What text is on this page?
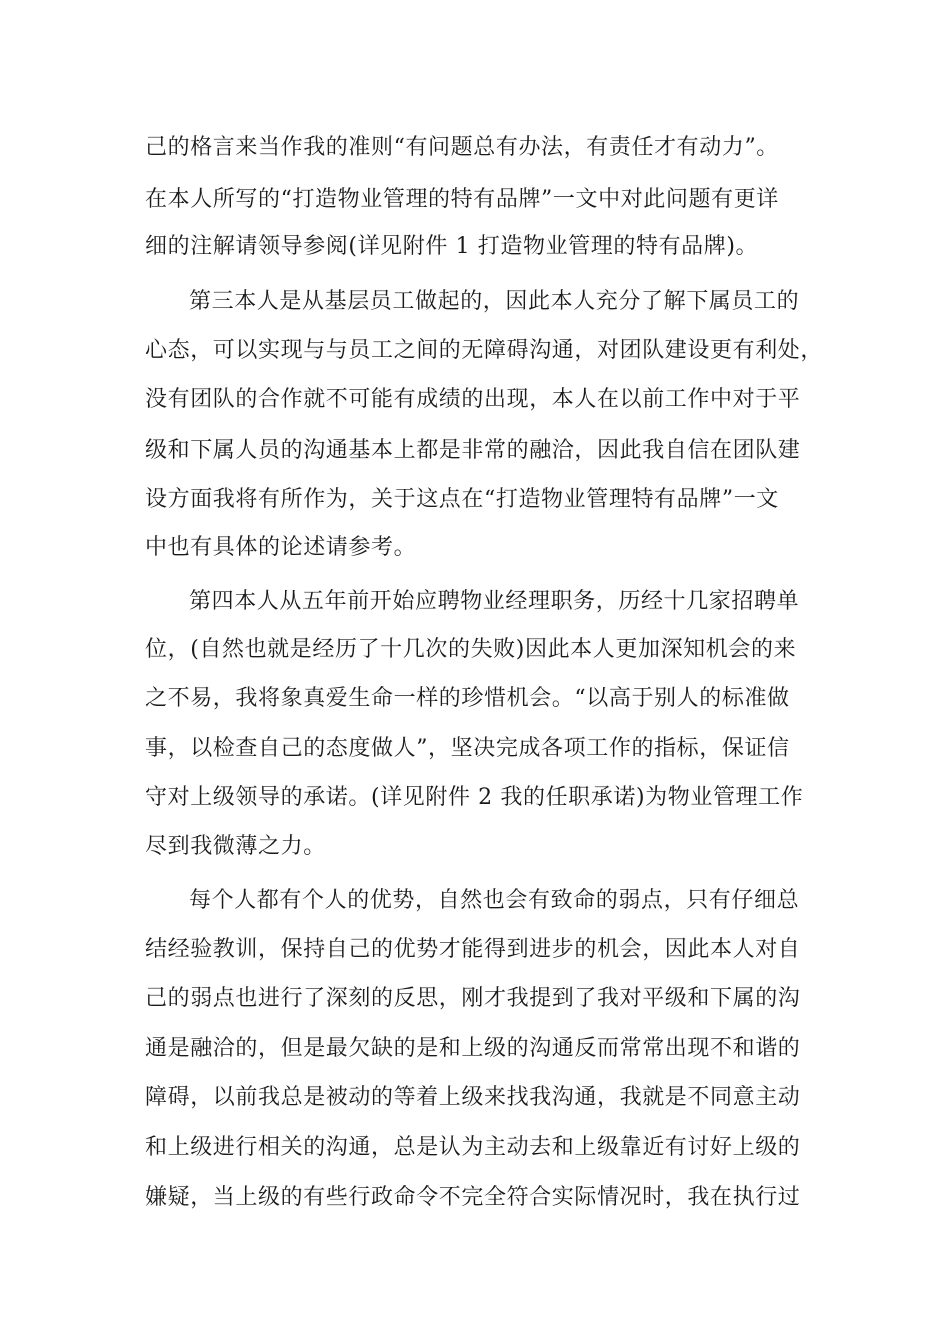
己的格言来当作我的准则“有问题总有办法，有责任才有动力”。
在本人所写的“打造物业管理的特有品牌”一文中对此问题有更详
细的注解请领导参阅(详见附件 1 打造物业管理的特有品牌)。
第三本人是从基层员工做起的，因此本人充分了解下属员工的
心态，可以实现与与员工之间的无障碍沟通，对团队建设更有利处，
没有团队的合作就不可能有成绩的出现，本人在以前工作中对于平
级和下属人员的沟通基本上都是非常的融洽，因此我自信在团队建
设方面我将有所作为，关于这点在“打造物业管理特有品牌”一文
中也有具体的论述请参考。
第四本人从五年前开始应聘物业经理职务，历经十几家招聘单
位，(自然也就是经历了十几次的失败)因此本人更加深知机会的来
之不易，我将象真爱生命一样的珍惜机会。“以高于别人的标准做
事，以检查自己的态度做人”，坚决完成各项工作的指标，保证信
守对上级领导的承诺。(详见附件 2 我的任职承诺)为物业管理工作
尽到我微薄之力。
每个人都有个人的优势，自然也会有致命的弱点，只有仔细总
结经验教训，保持自己的优势才能得到进步的机会，因此本人对自
己的弱点也进行了深刻的反思，刚才我提到了我对平级和下属的沟
通是融洽的，但是最欠缺的是和上级的沟通反而常常出现不和谐的
障碍，以前我总是被动的等着上级来找我沟通，我就是不同意主动
和上级进行相关的沟通，总是认为主动去和上级靠近有讨好上级的
嫌疑，当上级的有些行政命令不完全符合实际情况时，我在执行过
